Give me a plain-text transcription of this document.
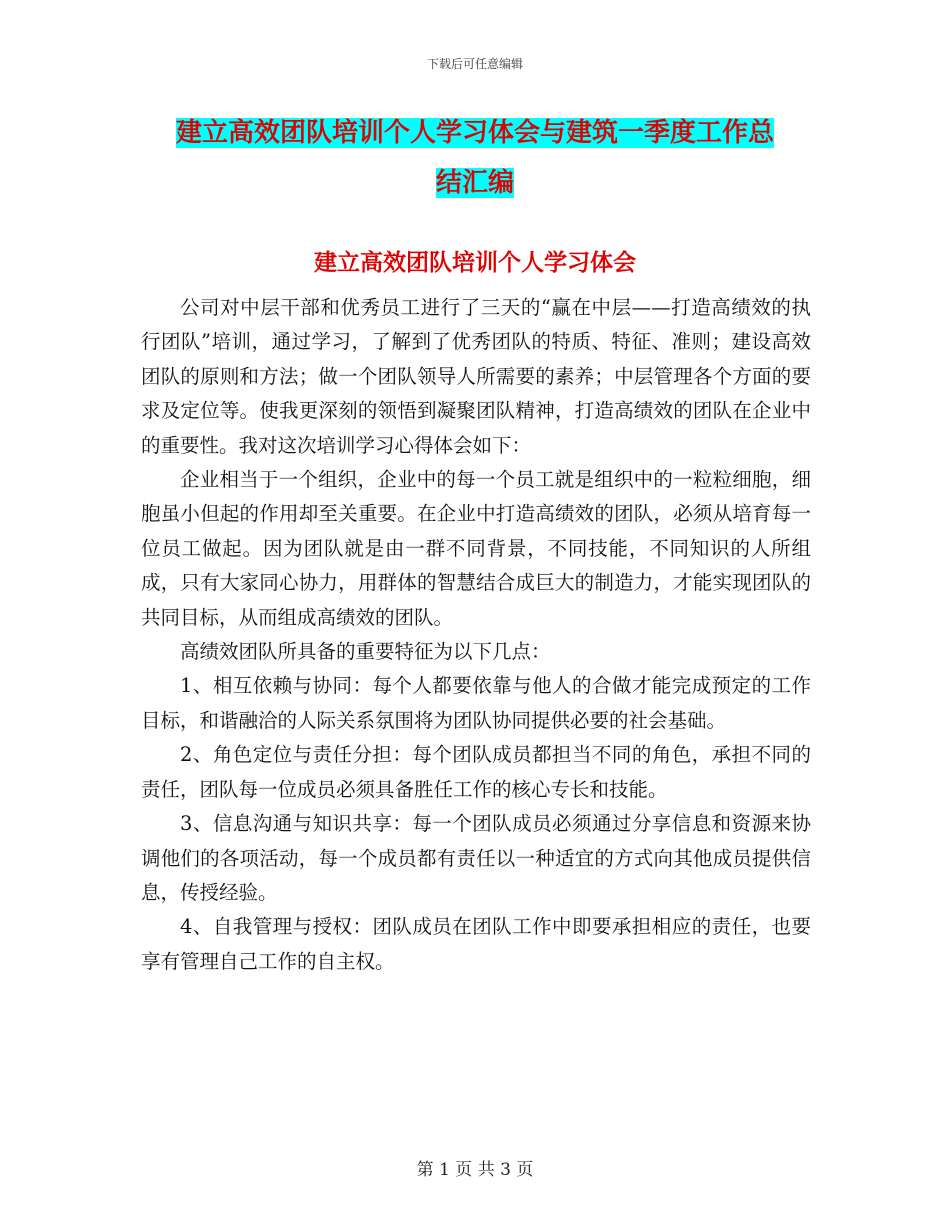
下载后可任意编辑
建立高效团队培训个人学习体会与建筑一季度工作总
结汇编
建立高效团队培训个人学习体会

公司对中层干部和优秀员工进行了三天的“赢在中层——打造高绩效的执行团队”培训，通过学习，了解到了优秀团队的特质、特征、准则；建设高效团队的原则和方法；做一个团队领导人所需要的素养；中层管理各个方面的要求及定位等。使我更深刻的领悟到凝聚团队精神，打造高绩效的团队在企业中的重要性。我对这次培训学习心得体会如下：

企业相当于一个组织，企业中的每一个员工就是组织中的一粒粒细胞，细胞虽小但起的作用却至关重要。在企业中打造高绩效的团队，必须从培育每一位员工做起。因为团队就是由一群不同背景，不同技能，不同知识的人所组成，只有大家同心协力，用群体的智慧结合成巨大的制造力，才能实现团队的共同目标，从而组成高绩效的团队。

高绩效团队所具备的重要特征为以下几点：

1、相互依赖与协同：每个人都要依靠与他人的合做才能完成预定的工作目标，和谐融洽的人际关系氛围将为团队协同提供必要的社会基础。

2、角色定位与责任分担：每个团队成员都担当不同的角色，承担不同的责任，团队每一位成员必须具备胜任工作的核心专长和技能。

3、信息沟通与知识共享：每一个团队成员必须通过分享信息和资源来协调他们的各项活动，每一个成员都有责任以一种适宜的方式向其他成员提供信息，传授经验。

4、自我管理与授权：团队成员在团队工作中即要承担相应的责任，也要享有管理自己工作的自主权。

第 1 页 共 3 页
